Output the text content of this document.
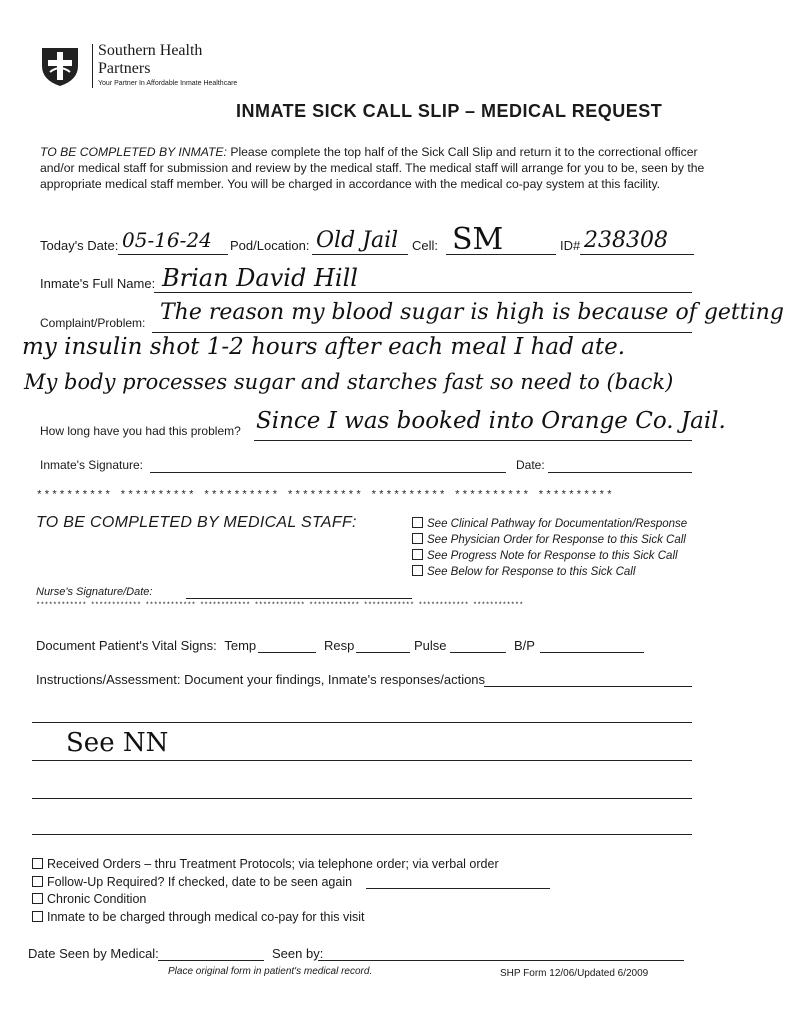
Southern Health
Partners
Your Partner In Affordable Inmate Healthcare
INMATE SICK CALL SLIP – MEDICAL REQUEST
TO BE COMPLETED BY INMATE: Please complete the top half of the Sick Call Slip and return it to the correctional officer and/or medical staff for submission and review by the medical staff. The medical staff will arrange for you to be, seen by the appropriate medical staff member. You will be charged in accordance with the medical co-pay system at this facility.
Today's Date: 05-16-24 Pod/Location: Old Jail Cell: SM	ID# 238308
Inmate's Full Name: Brian David Hill
Complaint/Problem: The reason my blood sugar is high is because of getting
my insulin shot 1-2 hours after each meal I had ate.
My body processes sugar and starches fast so need to (back)
How long have you had this problem? Since I was booked into Orange Co. Jail.
Inmate's Signature:	Date:
********** ********** ********** ********** ********** ********** **********
TO BE COMPLETED BY MEDICAL STAFF:	See Clinical Pathway for Documentation/Response
See Physician Order for Response to this Sick Call
See Progress Note for Response to this Sick Call
See Below for Response to this Sick Call
Nurse's Signature/Date:
************ ************ ************ ************ ************ ************ ************ ************ ************
Document Patient's Vital Signs: Temp	Resp	Pulse	B/P
Instructions/Assessment: Document your findings, Inmate's responses/actions
See NN
Received Orders – thru Treatment Protocols; via telephone order; via verbal order
Follow-Up Required? If checked, date to be seen again
Chronic Condition
Inmate to be charged through medical co-pay for this visit
Date Seen by Medical:	Seen by:
Place original form in patient's medical record.	SHP Form 12/06/Updated 6/2009
